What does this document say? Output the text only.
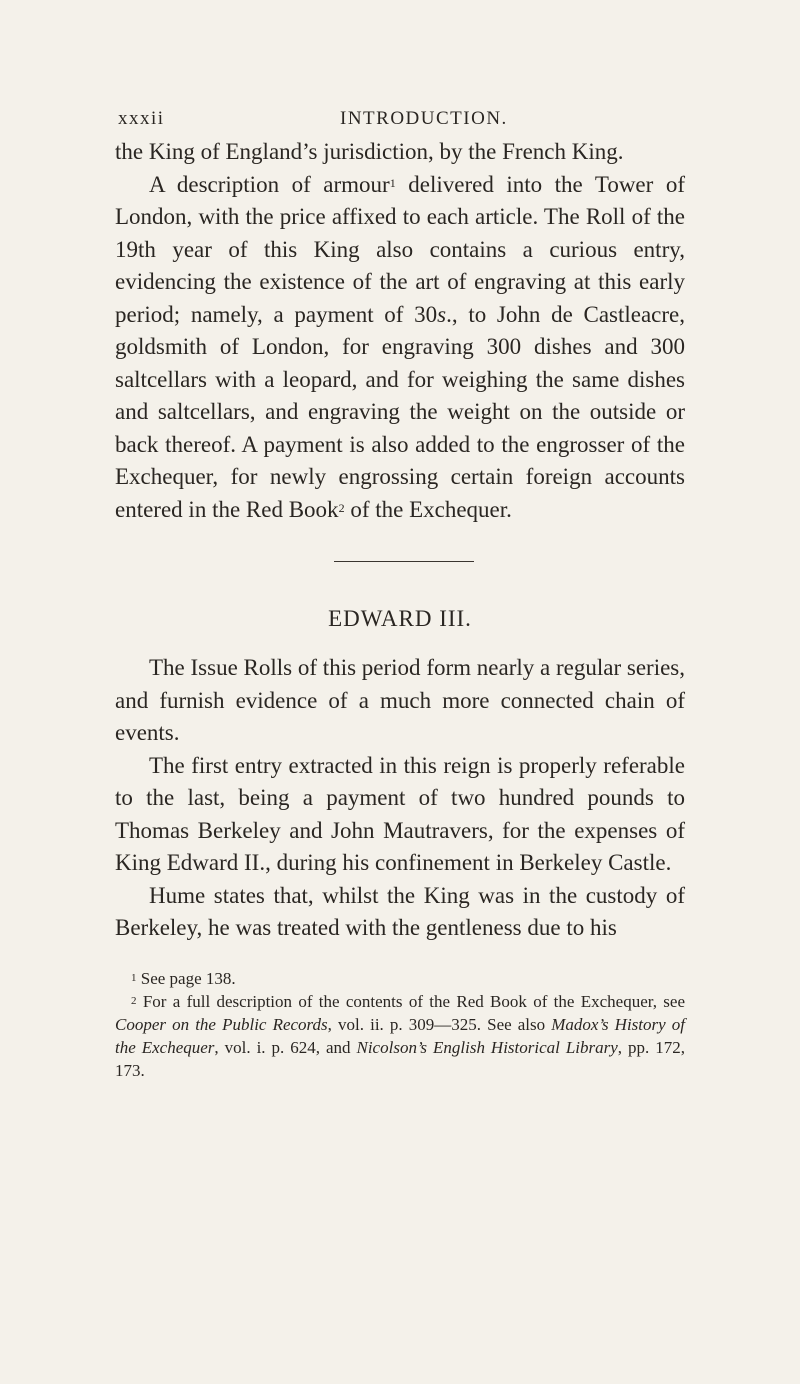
xxxii	INTRODUCTION.

the King of England’s jurisdiction, by the French King.

A description of armour$^1$ delivered into the Tower of London, with the price affixed to each article. The Roll of the 19th year of this King also contains a curious entry, evidencing the existence of the art of engraving at this early period; namely, a payment of 30s., to John de Castleacre, goldsmith of London, for engraving 300 dishes and 300 saltcellars with a leopard, and for weighing the same dishes and saltcellars, and engraving the weight on the outside or back thereof. A payment is also added to the engrosser of the Exchequer, for newly engrossing certain foreign accounts entered in the Red Book$^2$ of the Exchequer.

EDWARD III.

The Issue Rolls of this period form nearly a regular series, and furnish evidence of a much more connected chain of events.

The first entry extracted in this reign is properly referable to the last, being a payment of two hundred pounds to Thomas Berkeley and John Mautravers, for the expenses of King Edward II., during his confinement in Berkeley Castle.

Hume states that, whilst the King was in the custody of Berkeley, he was treated with the gentleness due to his

$^1$ See page 138.

$^2$ For a full description of the contents of the Red Book of the Exchequer, see Cooper on the Public Records, vol. ii. p. 309—325. See also Madox’s History of the Exchequer, vol. i. p. 624, and Nicolson’s English Historical Library, pp. 172, 173.
